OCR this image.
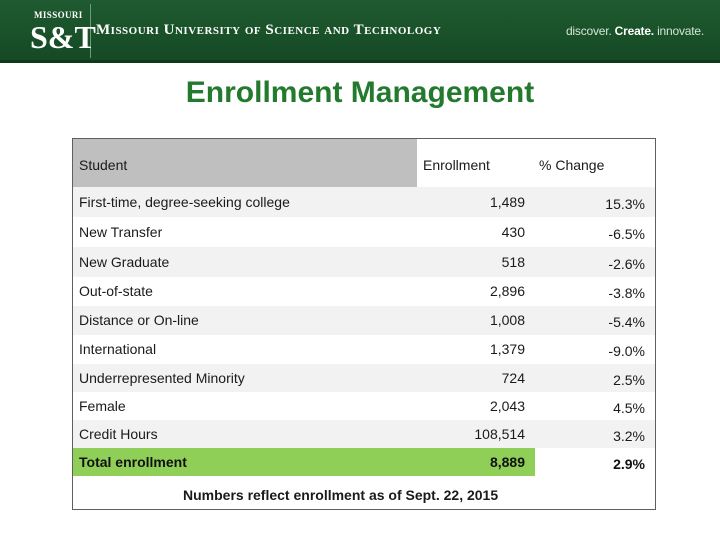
MISSOURI
S&T Missouri University of Science and Technology	discover. Create. innovate.
Enrollment Management
Student	Enrollment	% Change
First-time, degree-seeking college	1,489	15.3%
New Transfer	430	-6.5%
New Graduate	518	-2.6%
Out-of-state	2,896	-3.8%
Distance or On-line	1,008	-5.4%
International	1,379	-9.0%
Underrepresented Minority	724	2.5%
Female	2,043	4.5%
Credit Hours	108,514	3.2%
Total enrollment	8,889	2.9%
Numbers reflect enrollment as of Sept. 22, 2015
